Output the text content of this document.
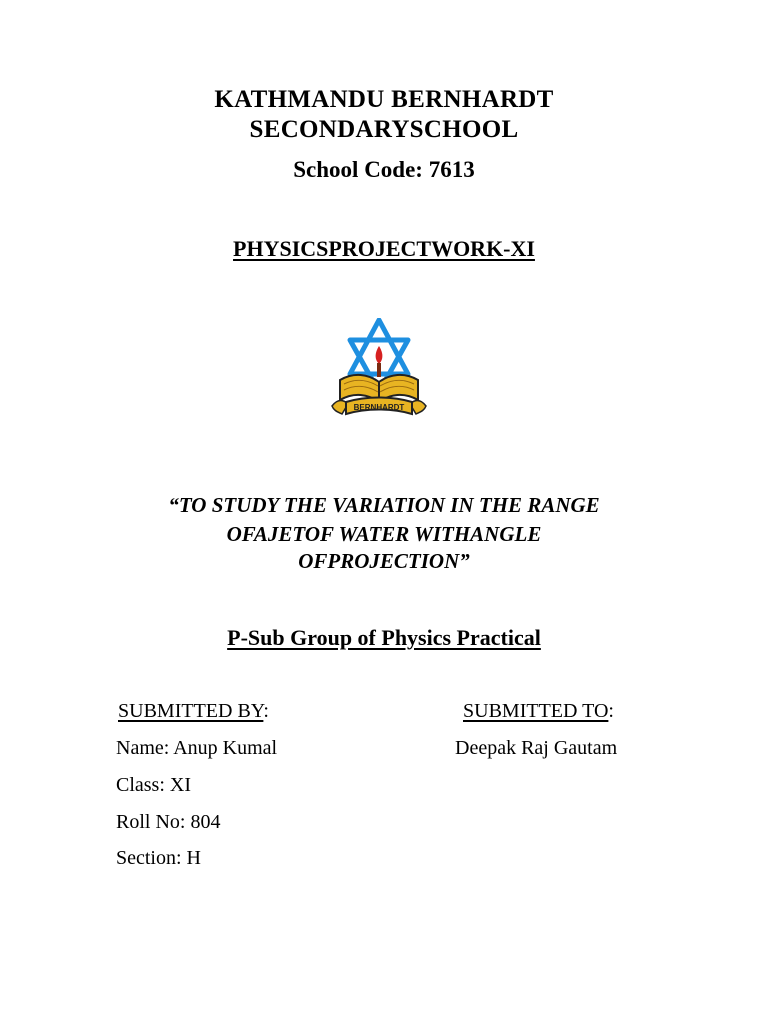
KATHMANDU BERNHARDT
SECONDARYSCHOOL
School Code: 7613
PHYSICSPROJECTWORK-XI
BERNHARDT
“TO STUDY THE VARIATION IN THE RANGE
OFAJETOF WATER WITHANGLE
OFPROJECTION”
P-Sub Group of Physics Practical
SUBMITTED BY:
Name: Anup Kumal
Class: XI
Roll No: 804
Section: H
SUBMITTED TO:
Deepak Raj Gautam
